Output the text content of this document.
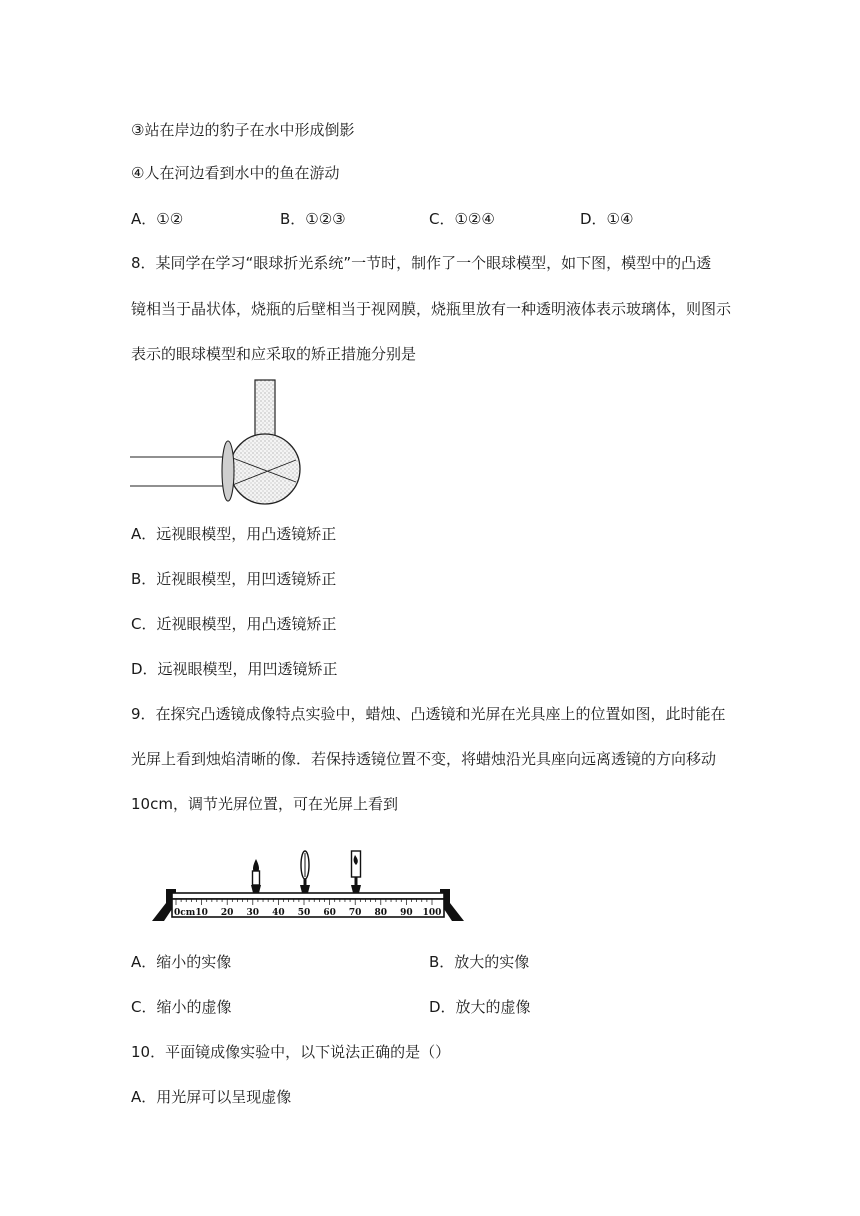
③站在岸边的豹子在水中形成倒影
④人在河边看到水中的鱼在游动
A．①②	B．①②③	C．①②④	D．①④
8．某同学在学习“眼球折光系统”一节时，制作了一个眼球模型，如下图，模型中的凸透
镜相当于晶状体，烧瓶的后壁相当于视网膜，烧瓶里放有一种透明液体表示玻璃体，则图示
表示的眼球模型和应采取的矫正措施分别是
A．远视眼模型，用凸透镜矫正
B．近视眼模型，用凹透镜矫正
C．近视眼模型，用凸透镜矫正
D．远视眼模型，用凹透镜矫正
9．在探究凸透镜成像特点实验中，蜡烛、凸透镜和光屏在光具座上的位置如图，此时能在
光屏上看到烛焰清晰的像．若保持透镜位置不变，将蜡烛沿光具座向远离透镜的方向移动
10cm，调节光屏位置，可在光屏上看到
0cm 10 20 30 40 50 60 70 80 90 100
A．缩小的实像	B．放大的实像
C．缩小的虚像	D．放大的虚像
10．平面镜成像实验中，以下说法正确的是（）
A．用光屏可以呈现虚像
